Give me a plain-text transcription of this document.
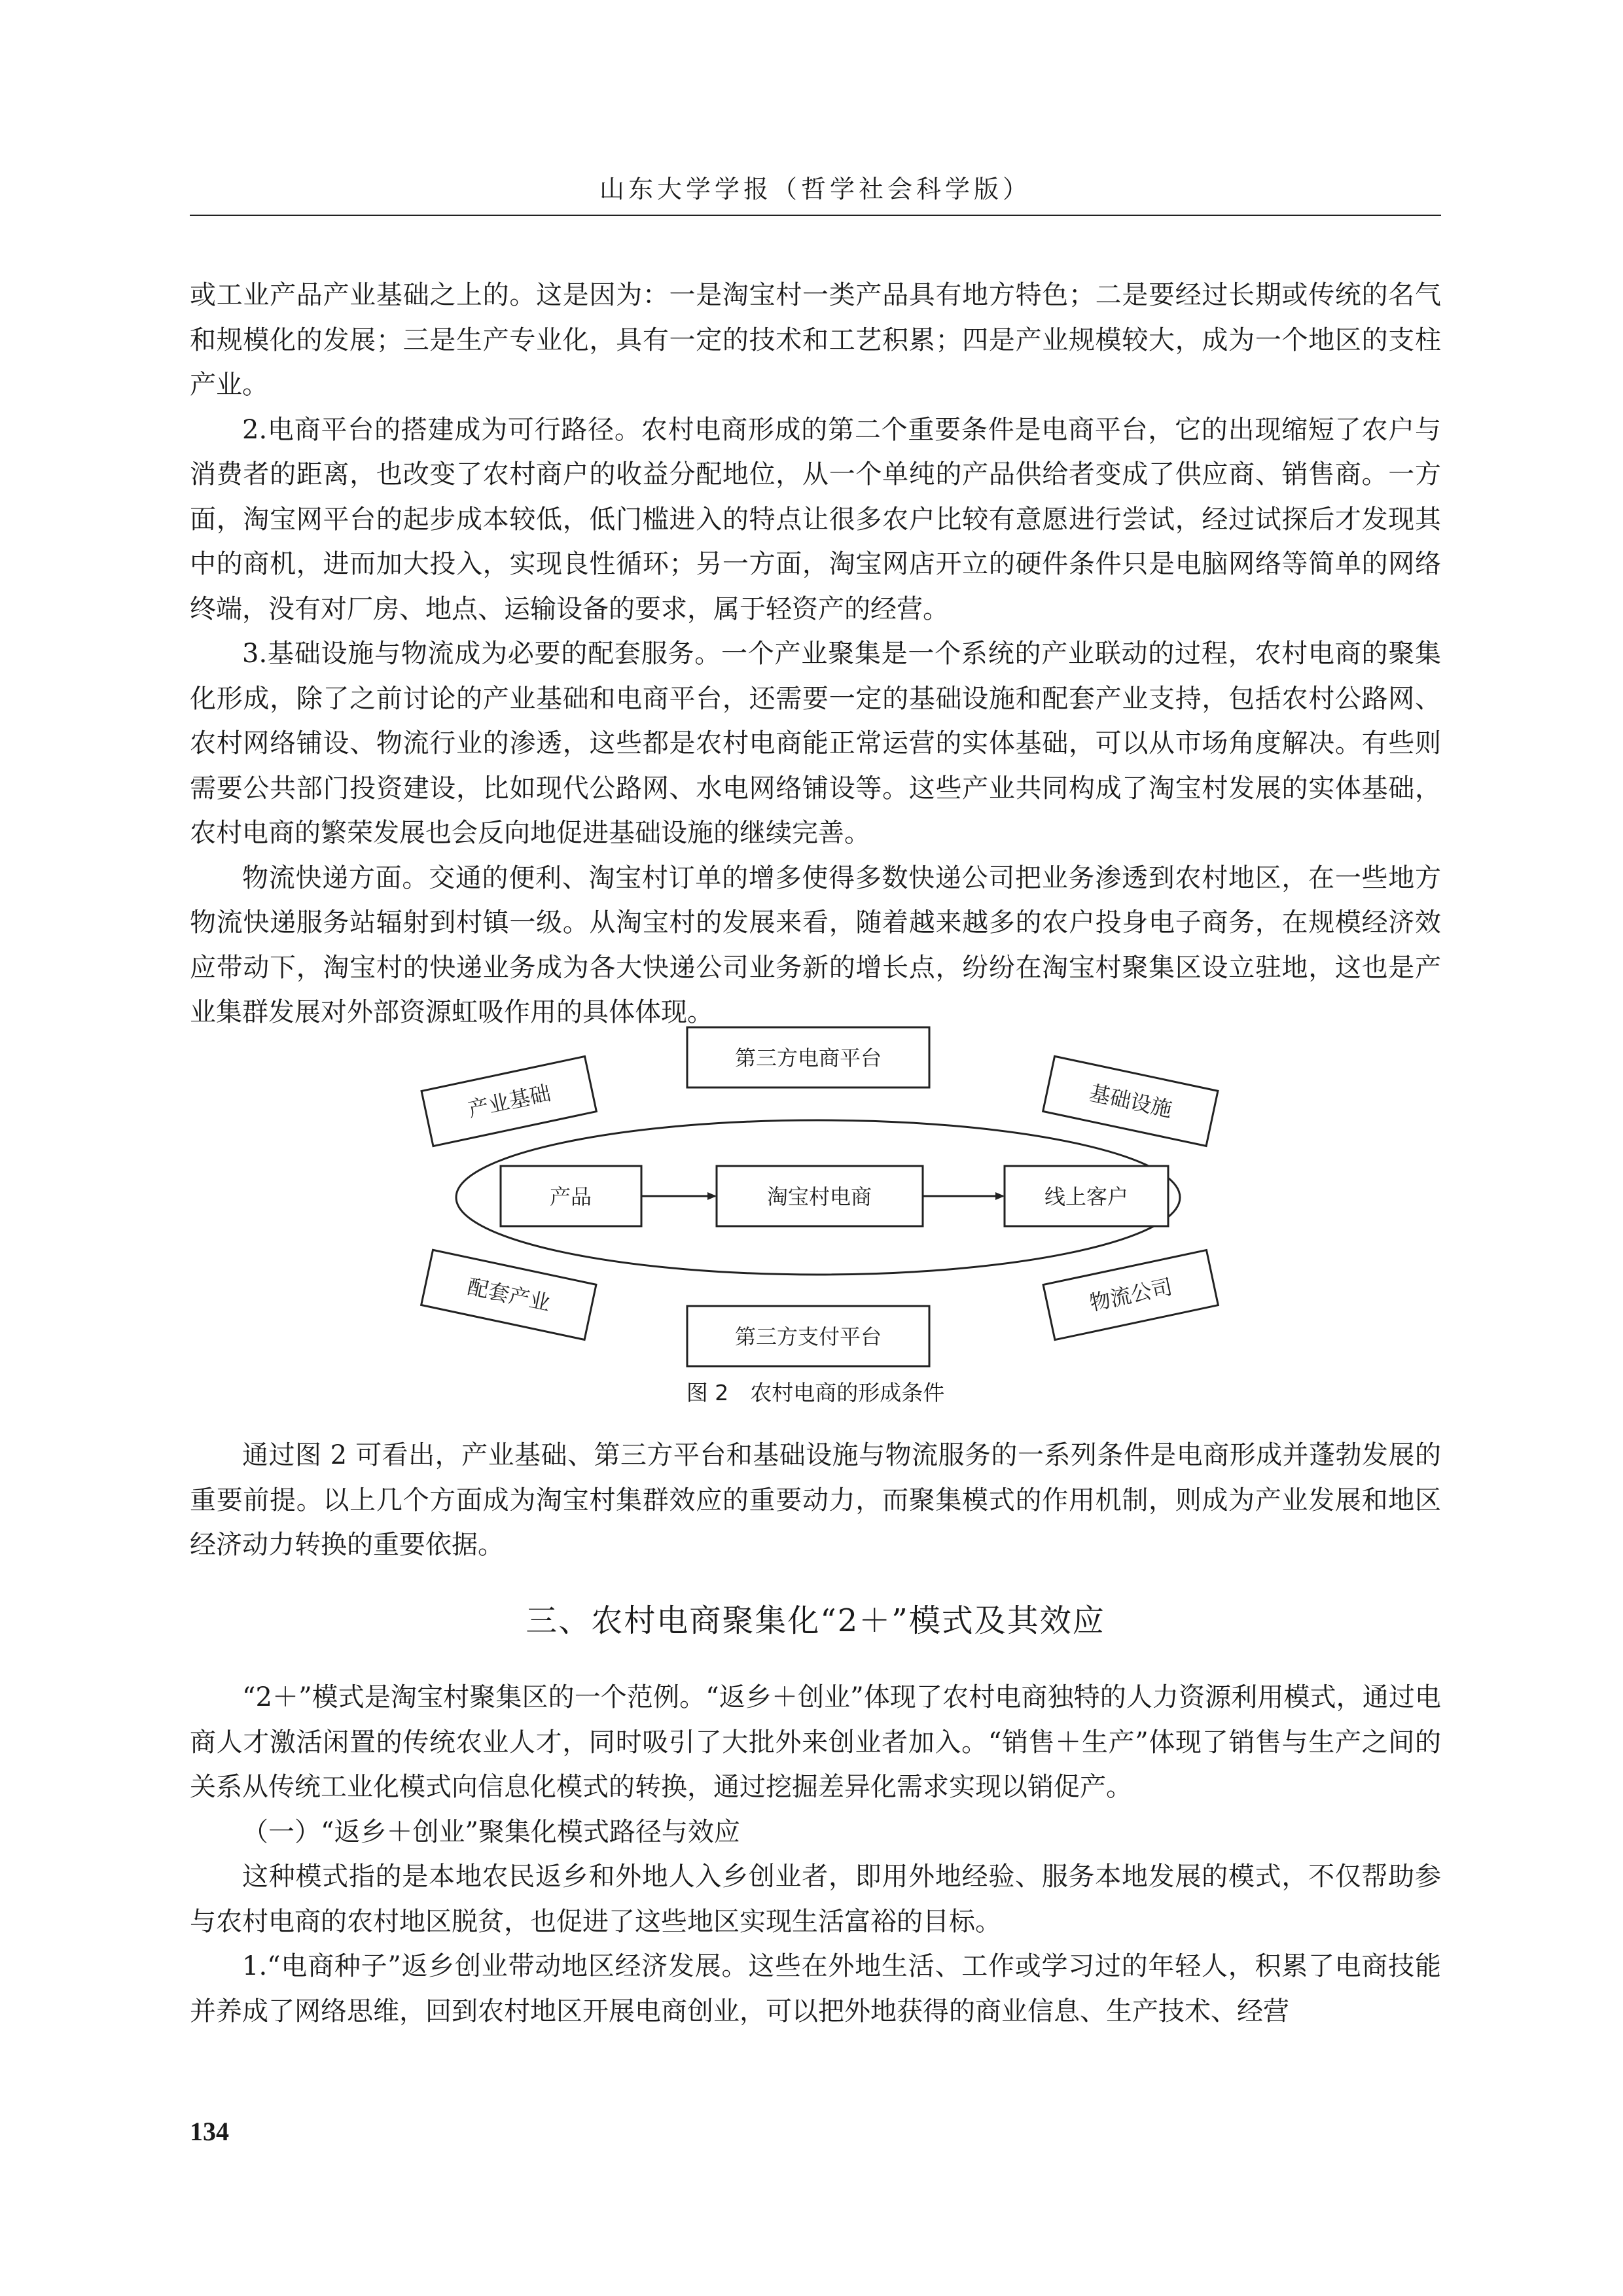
山东大学学报（哲学社会科学版）

或工业产品产业基础之上的。这是因为：一是淘宝村一类产品具有地方特色；二是要经过长期或传统的名气和规模化的发展；三是生产专业化，具有一定的技术和工艺积累；四是产业规模较大，成为一个地区的支柱产业。

2.电商平台的搭建成为可行路径。农村电商形成的第二个重要条件是电商平台，它的出现缩短了农户与消费者的距离，也改变了农村商户的收益分配地位，从一个单纯的产品供给者变成了供应商、销售商。一方面，淘宝网平台的起步成本较低，低门槛进入的特点让很多农户比较有意愿进行尝试，经过试探后才发现其中的商机，进而加大投入，实现良性循环；另一方面，淘宝网店开立的硬件条件只是电脑网络等简单的网络终端，没有对厂房、地点、运输设备的要求，属于轻资产的经营。

3.基础设施与物流成为必要的配套服务。一个产业聚集是一个系统的产业联动的过程，农村电商的聚集化形成，除了之前讨论的产业基础和电商平台，还需要一定的基础设施和配套产业支持，包括农村公路网、农村网络铺设、物流行业的渗透，这些都是农村电商能正常运营的实体基础，可以从市场角度解决。有些则需要公共部门投资建设，比如现代公路网、水电网络铺设等。这些产业共同构成了淘宝村发展的实体基础，农村电商的繁荣发展也会反向地促进基础设施的继续完善。

物流快递方面。交通的便利、淘宝村订单的增多使得多数快递公司把业务渗透到农村地区，在一些地方物流快递服务站辐射到村镇一级。从淘宝村的发展来看，随着越来越多的农户投身电子商务，在规模经济效应带动下，淘宝村的快递业务成为各大快递公司业务新的增长点，纷纷在淘宝村聚集区设立驻地，这也是产业集群发展对外部资源虹吸作用的具体体现。

第三方电商平台
产业基础	基础设施
产品	淘宝村电商	线上客户
配套产业	物流公司
第三方支付平台
图 2　农村电商的形成条件

通过图 2 可看出，产业基础、第三方平台和基础设施与物流服务的一系列条件是电商形成并蓬勃发展的重要前提。以上几个方面成为淘宝村集群效应的重要动力，而聚集模式的作用机制，则成为产业发展和地区经济动力转换的重要依据。

三、农村电商聚集化“2＋”模式及其效应

“2＋”模式是淘宝村聚集区的一个范例。“返乡＋创业”体现了农村电商独特的人力资源利用模式，通过电商人才激活闲置的传统农业人才，同时吸引了大批外来创业者加入。“销售＋生产”体现了销售与生产之间的关系从传统工业化模式向信息化模式的转换，通过挖掘差异化需求实现以销促产。

（一）“返乡＋创业”聚集化模式路径与效应

这种模式指的是本地农民返乡和外地人入乡创业者，即用外地经验、服务本地发展的模式，不仅帮助参与农村电商的农村地区脱贫，也促进了这些地区实现生活富裕的目标。

1.“电商种子”返乡创业带动地区经济发展。这些在外地生活、工作或学习过的年轻人，积累了电商技能并养成了网络思维，回到农村地区开展电商创业，可以把外地获得的商业信息、生产技术、经营

134
